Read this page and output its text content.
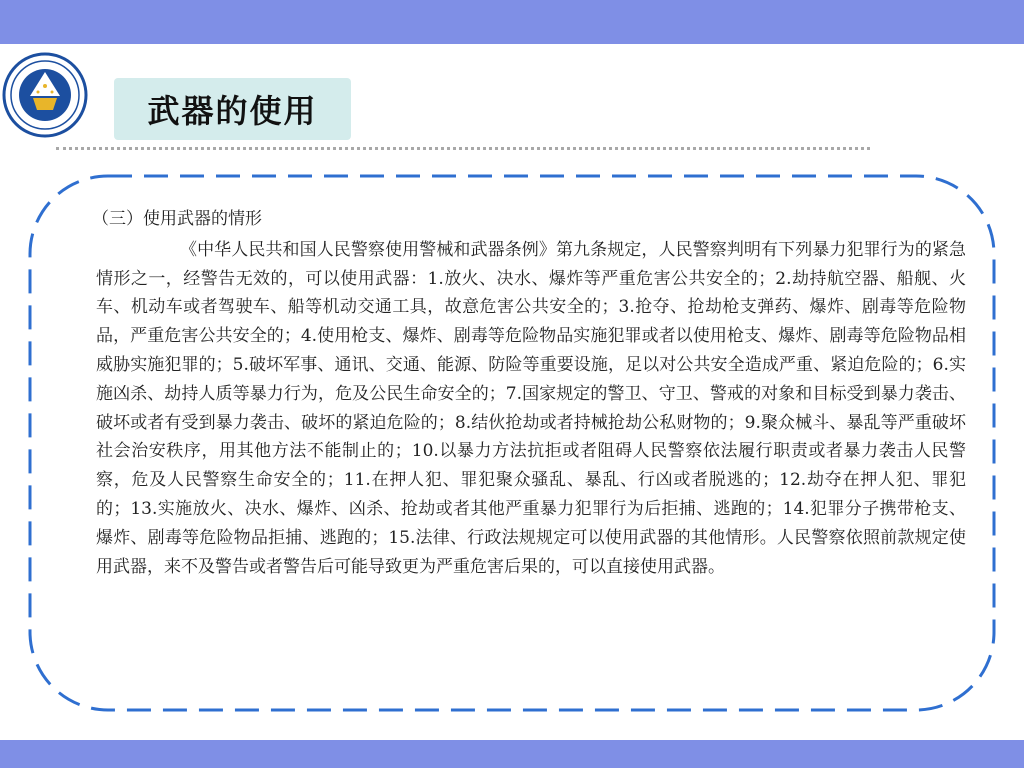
武器的使用
（三）使用武器的情形

《中华人民共和国人民警察使用警械和武器条例》第九条规定，人民警察判明有下列暴力犯罪行为的紧急情形之一，经警告无效的，可以使用武器：1.放火、决水、爆炸等严重危害公共安全的；2.劫持航空器、船舰、火车、机动车或者驾驶车、船等机动交通工具，故意危害公共安全的；3.抢夺、抢劫枪支弹药、爆炸、剧毒等危险物品，严重危害公共安全的；4.使用枪支、爆炸、剧毒等危险物品实施犯罪或者以使用枪支、爆炸、剧毒等危险物品相威胁实施犯罪的；5.破坏军事、通讯、交通、能源、防险等重要设施，足以对公共安全造成严重、紧迫危险的；6.实施凶杀、劫持人质等暴力行为，危及公民生命安全的；7.国家规定的警卫、守卫、警戒的对象和目标受到暴力袭击、破坏或者有受到暴力袭击、破坏的紧迫危险的；8.结伙抢劫或者持械抢劫公私财物的；9.聚众械斗、暴乱等严重破坏社会治安秩序，用其他方法不能制止的；10.以暴力方法抗拒或者阻碍人民警察依法履行职责或者暴力袭击人民警察，危及人民警察生命安全的；11.在押人犯、罪犯聚众骚乱、暴乱、行凶或者脱逃的；12.劫夺在押人犯、罪犯的；13.实施放火、决水、爆炸、凶杀、抢劫或者其他严重暴力犯罪行为后拒捕、逃跑的；14.犯罪分子携带枪支、爆炸、剧毒等危险物品拒捕、逃跑的；15.法律、行政法规规定可以使用武器的其他情形。人民警察依照前款规定使用武器，来不及警告或者警告后可能导致更为严重危害后果的，可以直接使用武器。
